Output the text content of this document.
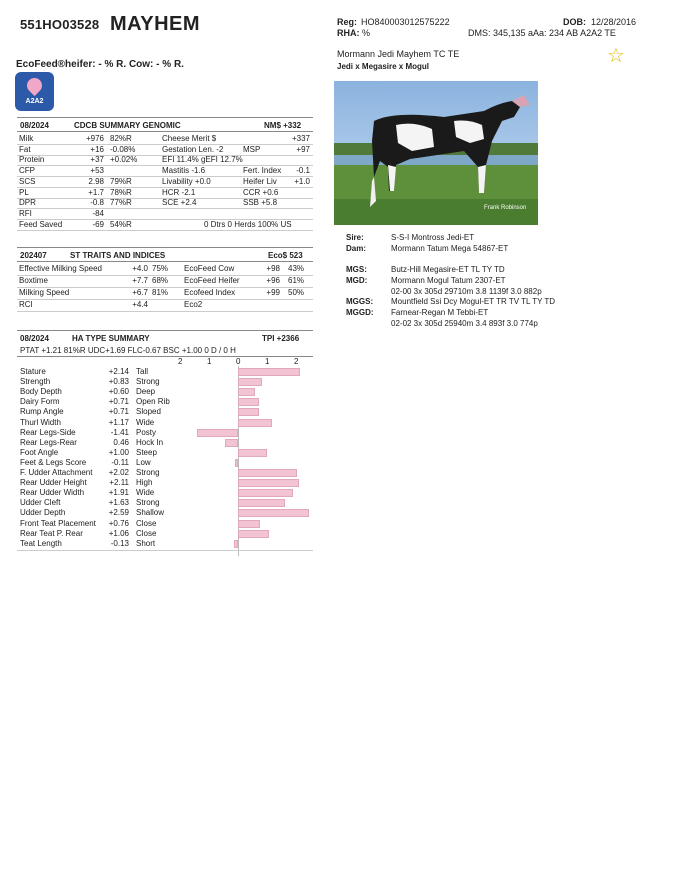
551HO03528 MAYHEM
EcoFeed®heifer: - % R. Cow: - % R.
A2A2
Reg: HO840003012575222	DOB: 12/28/2016
RHA: %	DMS: 345,135 aAa: 234 AB A2A2 TE
Mormann Jedi Mayhem TC TE
Jedi x Megasire x Mogul	☆
Frank Robinson
08/2024	CDCB SUMMARY GENOMIC	NM$ +332
Milk	+976 82%R	Cheese Merit $	+337
Fat	+16 -0.08%	Gestation Len. -2 MSP	+97
Protein	+37 +0.02%	EFI 11.4% gEFI 12.7%
CFP	+53	Mastitis -1.6	Fert. Index	-0.1
SCS	2.98 79%R	Livability +0.0	Heifer Liv	+1.0
PL	+1.7 78%R	HCR -2.1	CCR +0.6
DPR	-0.8 77%R	SCE +2.4	SSB +5.8
RFI	-84
Feed Saved	-69 54%R	0 Dtrs 0 Herds 100% US
202407	ST TRAITS AND INDICES	Eco$ 523
Effective Milking Speed	+4.0 75% EcoFeed Cow	+98 43%
Boxtime	+7.7 68% EcoFeed Heifer	+96 61%
Milking Speed	+6.7 81% Ecofeed Index	+99 50%
RCI	+4.4	Eco2
08/2024	HA TYPE SUMMARY	TPI +2366
PTAT +1.21 81%R UDC+1.69 FLC-0.67 BSC +1.00 0 D / 0 H
2	1	0	1	2
Stature	+2.14 Tall
Strength	+0.83 Strong
Body Depth	+0.60 Deep
Dairy Form	+0.71 Open Rib
Rump Angle	+0.71 Sloped
Thurl Width	+1.17 Wide
Rear Legs-Side	-1.41 Posty
Rear Legs-Rear	0.46 Hock In
Foot Angle	+1.00 Steep
Feet & Legs Score	-0.11 Low
F. Udder Attachment	+2.02 Strong
Rear Udder Height	+2.11 High
Rear Udder Width	+1.91 Wide
Udder Cleft	+1.63 Strong
Udder Depth	+2.59 Shallow
Front Teat Placement	+0.76 Close
Rear Teat P. Rear	+1.06 Close
Teat Length	-0.13 Short
Sire:	S-S-I Montross Jedi-ET
Dam:	Mormann Tatum Mega 54867-ET
MGS:	Butz-Hill Megasire-ET TL TY TD
MGD:	Mormann Mogul Tatum 2307-ET
02-00 3x 305d 29710m 3.8 1139f 3.0 882p
MGGS: Mountfield Ssi Dcy Mogul-ET TR TV TL TY TD
MGGD: Farnear-Regan M Tebbi-ET
02-02 3x 305d 25940m 3.4 893f 3.0 774p
